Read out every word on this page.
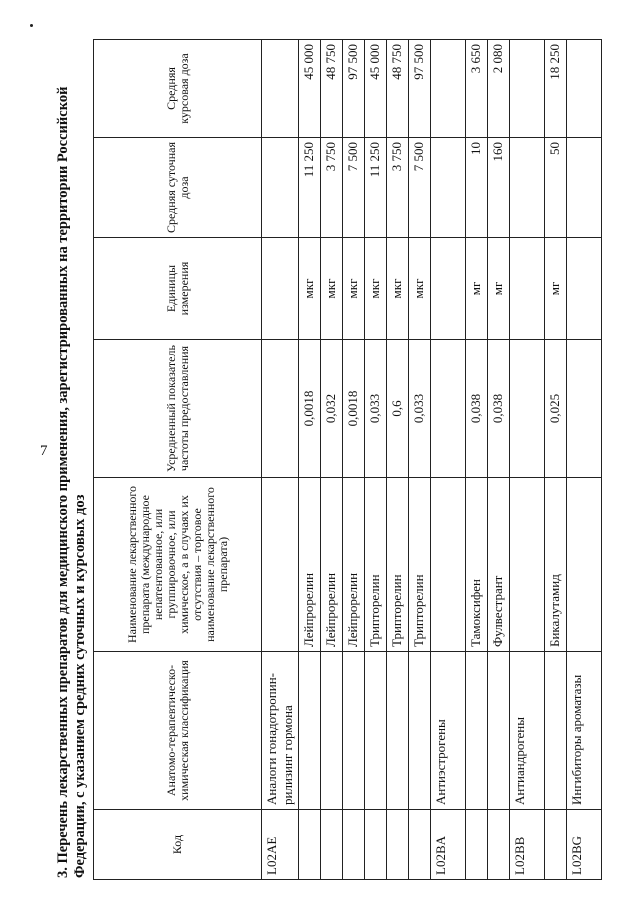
7 3. Перечень лекарственных препаратов для медицинского применения, зарегистрированных на территории Российской Федерации, с указанием средних суточных и курсовых доз	Код	Анатомо-терапевтическо-химическая классификация	Наименование лекарственного препарата (международное непатентованное, или группировочное, или химическое, а в случаях их отсутствия – торговое наименование лекарственного препарата)	Усредненный показатель частоты предоставления	Единицы измерения	Средняя суточная доза	Средняя курсовая доза
L02AE	Аналоги гонадотропин-рилизинг гормона					
		Лейпрорелин	0,0018	мкг	11 250	45 000
		Лейпрорелин	0,032	мкг	3 750	48 750
		Лейпрорелин	0,0018	мкг	7 500	97 500
		Трипторелин	0,033	мкг	11 250	45 000
		Трипторелин	0,6	мкг	3 750	48 750
		Трипторелин	0,033	мкг	7 500	97 500
L02BA	Антиэстрогены					
		Тамоксифен	0,038	мг	10	3 650
		Фулвестрант	0,038	мг	160	2 080
L02BB	Антиандрогены					
		Бикалутамид	0,025	мг	50	18 250
L02BG	Ингибиторы ароматазы					
